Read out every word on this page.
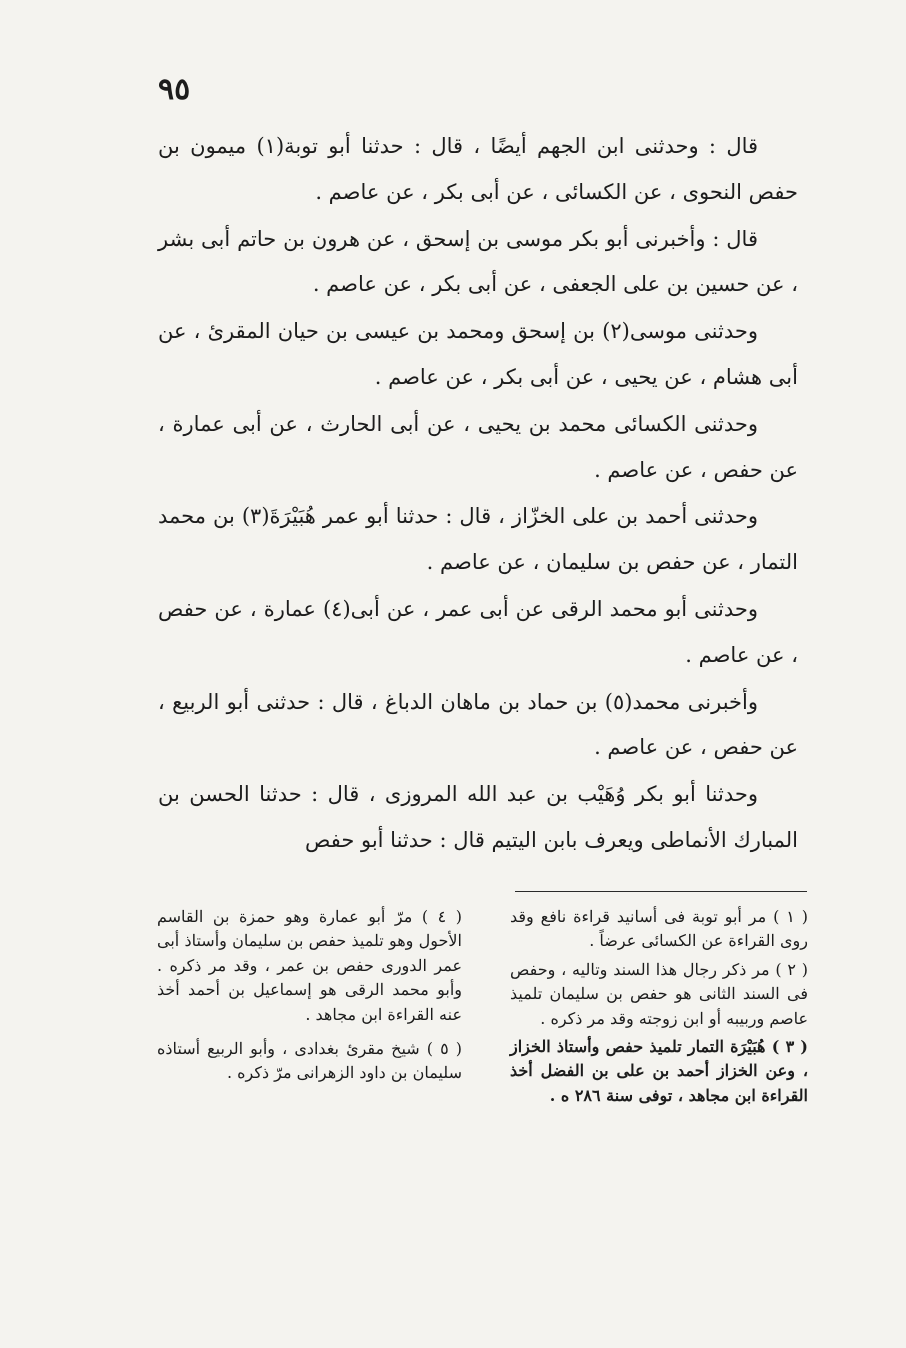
٩٥

قال : وحدثنى ابن الجهم أيضًا ، قال : حدثنا أبو توبة(١) ميمون بن حفص النحوى ، عن الكسائى ، عن أبى بكر ، عن عاصم .

قال : وأخبرنى أبو بكر موسى بن إسحق ، عن هرون بن حاتم أبى بشر ، عن حسين بن على الجعفى ، عن أبى بكر ، عن عاصم .

وحدثنى موسى(٢) بن إسحق ومحمد بن عيسى بن حيان المقرئ ، عن أبى هشام ، عن يحيى ، عن أبى بكر ، عن عاصم .

وحدثنى الكسائى محمد بن يحيى ، عن أبى الحارث ، عن أبى عمارة ، عن حفص ، عن عاصم .

وحدثنى أحمد بن على الخزّاز ، قال : حدثنا أبو عمر هُبَيْرَةَ(٣) بن محمد التمار ، عن حفص بن سليمان ، عن عاصم .

وحدثنى أبو محمد الرقى عن أبى عمر ، عن أبى(٤) عمارة ، عن حفص ، عن عاصم .

وأخبرنى محمد(٥) بن حماد بن ماهان الدباغ ، قال : حدثنى أبو الربيع ، عن حفص ، عن عاصم .

وحدثنا أبو بكر وُهَيْب بن عبد الله المروزى ، قال : حدثنا الحسن بن المبارك الأنماطى ويعرف بابن اليتيم قال : حدثنا أبو حفص

( ١ ) مر أبو توبة فى أسانيد قراءة نافع وقد روى القراءة عن الكسائى عرضاً .

( ٢ ) مر ذكر رجال هذا السند وتاليه ، وحفص فى السند الثانى هو حفص بن سليمان تلميذ عاصم وربيبه أو ابن زوجته وقد مر ذكره .

( ٣ ) هُبَيْرَة التمار تلميذ حفص وأستاذ الخزاز ، وعن الخزاز أحمد بن على بن الفضل أخذ القراءة ابن مجاهد ، توفى سنة ٢٨٦ ه .

( ٤ ) مرّ أبو عمارة وهو حمزة بن القاسم الأحول وهو تلميذ حفص بن سليمان وأستاذ أبى عمر الدورى حفص بن عمر ، وقد مر ذكره . وأبو محمد الرقى هو إسماعيل بن أحمد أخذ عنه القراءة ابن مجاهد .

( ٥ ) شيخ مقرئ بغدادى ، وأبو الربيع أستاذه سليمان بن داود الزهرانى مرّ ذكره .
